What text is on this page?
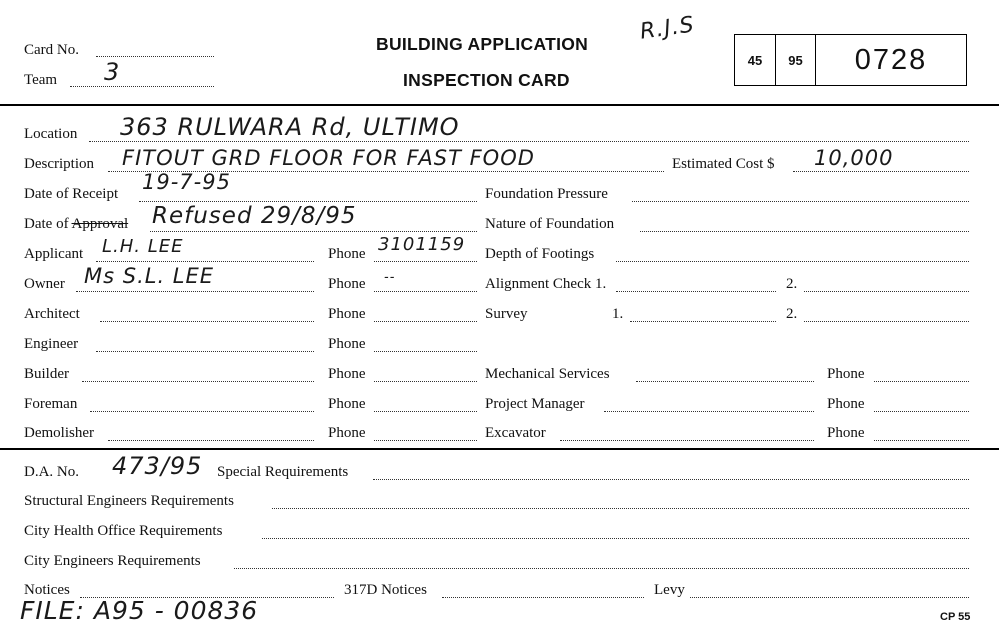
Card No.
Team 3
BUILDING APPLICATION
INSPECTION CARD
R.J.S
45	95	0728
Location 363 RULWARA Rd, ULTIMO
Description FITOUT GRD FLOOR FOR FAST FOOD	Estimated Cost $ 10,000
Date of Receipt 19-7-95
Date of Approval Refused 29/8/95
Applicant L.H. LEE	Phone 3101159
Owner Ms S.L. LEE	Phone --
Architect	Phone
Engineer	Phone
Builder	Phone
Foreman	Phone
Demolisher	Phone
Foundation Pressure
Nature of Foundation
Depth of Footings
Alignment Check 1.	2.
Survey	1.	2.
Mechanical Services	Phone
Project Manager	Phone
Excavator	Phone
D.A. No. 473/95 Special Requirements
Structural Engineers Requirements
City Health Office Requirements
City Engineers Requirements
Notices	317D Notices	Levy
FILE: A95 - 00836	CP 55
